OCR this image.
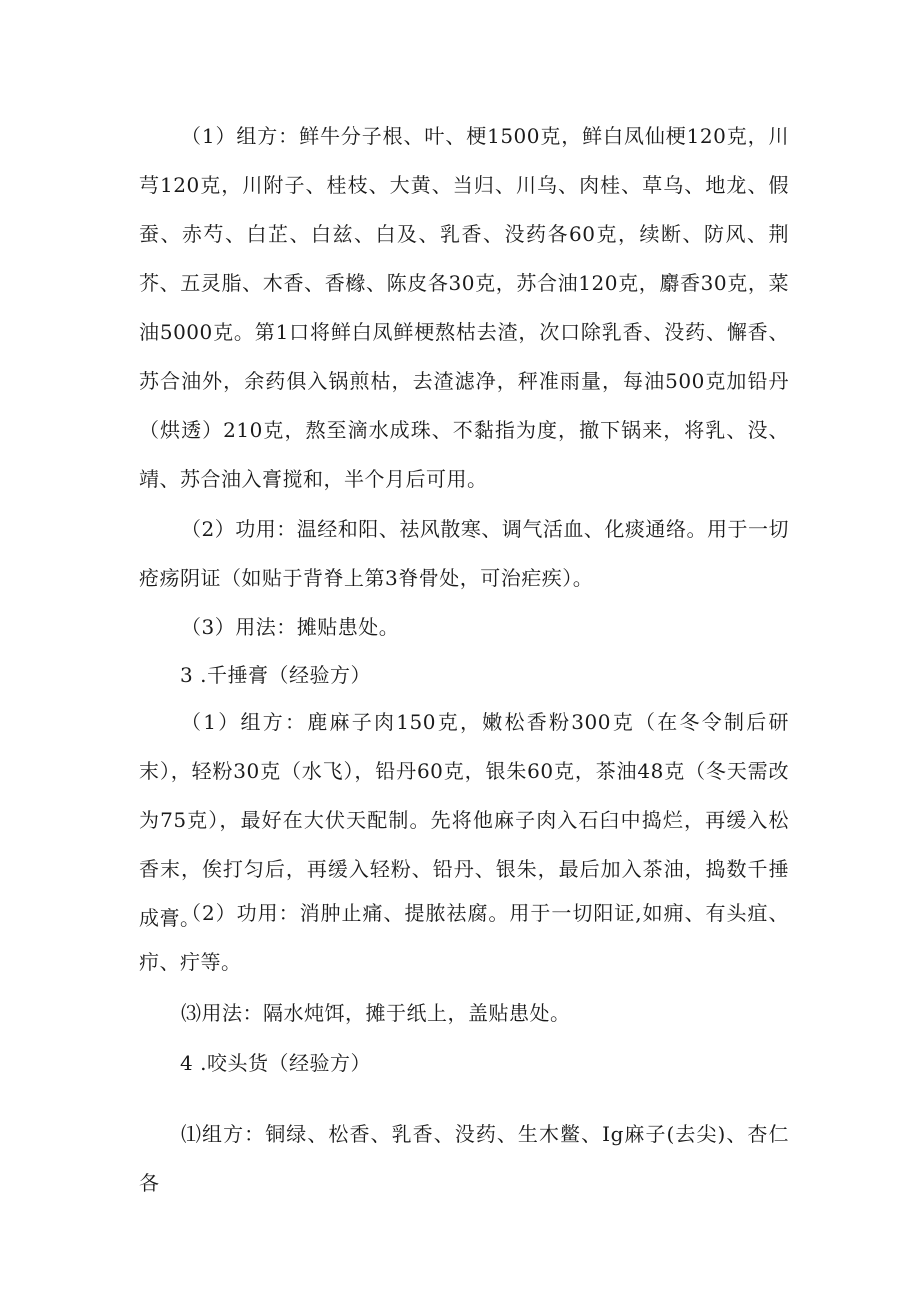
（1）组方：鲜牛分子根、叶、梗1500克，鲜白凤仙梗120克，川芎120克，川附子、桂枝、大黄、当归、川乌、肉桂、草乌、地龙、假蚕、赤芍、白芷、白兹、白及、乳香、没药各60克，续断、防风、荆芥、五灵脂、木香、香橼、陈皮各30克，苏合油120克，麝香30克，菜油5000克。第1口将鲜白凤鲜梗熬枯去渣，次口除乳香、没药、懈香、苏合油外，余药俱入锅煎枯，去渣滤净，秤准雨量，每油500克加铅丹（烘透）210克，熬至滴水成珠、不黏指为度，撤下锅来，将乳、没、靖、苏合油入膏搅和，半个月后可用。

（2）功用：温经和阳、祛风散寒、调气活血、化痰通络。用于一切疮疡阴证（如贴于背脊上第3脊骨处，可治疟疾）。

（3）用法：摊贴患处。

3 .千捶膏（经验方）

（1）组方：鹿麻子肉150克，嫩松香粉300克（在冬令制后研末），轻粉30克（水飞），铅丹60克，银朱60克，茶油48克（冬天需改为75克），最好在大伏天配制。先将他麻子肉入石臼中捣烂，再缓入松香末，俟打匀后，再缓入轻粉、铅丹、银朱，最后加入茶油，捣数千捶成膏。

（2）功用：消肿止痛、提脓祛腐。用于一切阳证,如痈、有头疽、疖、疔等。

⑶用法：隔水炖饵，摊于纸上，盖贴患处。

4 .咬头货（经验方）

⑴组方：铜绿、松香、乳香、没药、生木鳖、Ig麻子(去尖)、杏仁各
